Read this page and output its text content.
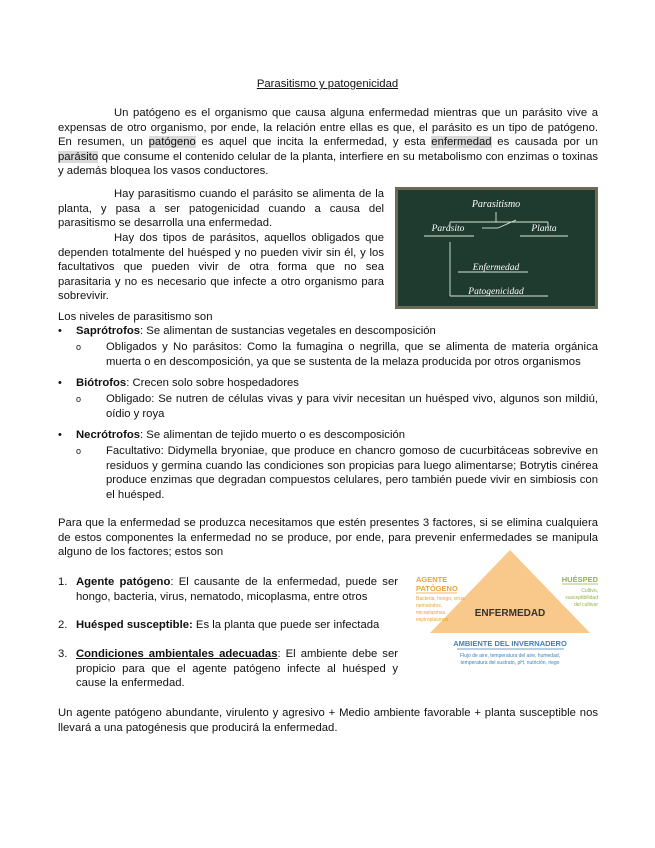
Parasitismo y patogenicidad
Un patógeno es el organismo que causa alguna enfermedad mientras que un parásito vive a expensas de otro organismo, por ende, la relación entre ellas es que, el parásito es un tipo de patógeno. En resumen, un patógeno es aquel que incita la enfermedad, y esta enfermedad es causada por un parásito que consume el contenido celular de la planta, interfiere en su metabolismo con enzimas o toxinas y además bloquea los vasos conductores.
Hay parasitismo cuando el parásito se alimenta de la planta, y pasa a ser patogenicidad cuando a causa del parasitismo se desarrolla una enfermedad.
Hay dos tipos de parásitos, aquellos obligados que dependen totalmente del huésped y no pueden vivir sin él, y los facultativos que pueden vivir de otra forma que no sea parasitaria y no es necesario que infecte a otro organismo para sobrevivir.
Parasitismo
Parásito	Planta
Enfermedad
Patogenicidad
Los niveles de parasitismo son
• Saprótrofos: Se alimentan de sustancias vegetales en descomposición
o	Obligados y No parásitos: Como la fumagina o negrilla, que se alimenta de materia orgánica muerta o en descomposición, ya que se sustenta de la melaza producida por otros organismos
• Biótrofos: Crecen solo sobre hospedadores
o	Obligado: Se nutren de células vivas y para vivir necesitan un huésped vivo, algunos son mildiú, oídio y roya
• Necrótrofos: Se alimentan de tejido muerto o es descomposición
o	Facultativo: Didymella bryoniae, que produce en chancro gomoso de cucurbitáceas sobrevive en residuos y germina cuando las condiciones son propicias para luego alimentarse; Botrytis cinérea produce enzimas que degradan compuestos celulares, pero también puede vivir en simbiosis con el huésped.
Para que la enfermedad se produzca necesitamos que estén presentes 3 factores, si se elimina cualquiera de estos componentes la enfermedad no se produce, por ende, para prevenir enfermedades se manipula alguno de los factores; estos son
1. Agente patógeno: El causante de la enfermedad, puede ser hongo, bacteria, virus, nematodo, micoplasma, entre otros
2. Huésped susceptible: Es la planta que puede ser infectada
3. Condiciones ambientales adecuadas: El ambiente debe ser propicio para que el agente patógeno infecte al huésped y cause la enfermedad.
ENFERMEDAD
AGENTE
PATÓGENO
Bacteria, hongo, virus,
nematodos,
micoplasmas,
espiroplasmas
HUÉSPED
Cultivo,
susceptibilidad
del cultivar
AMBIENTE DEL INVERNADERO
Flujo de aire, temperatura del aire, humedad,
temperatura del sustrato, pH, nutrición, riego
Un agente patógeno abundante, virulento y agresivo + Medio ambiente favorable + planta susceptible nos llevará a una patogénesis que producirá la enfermedad.
